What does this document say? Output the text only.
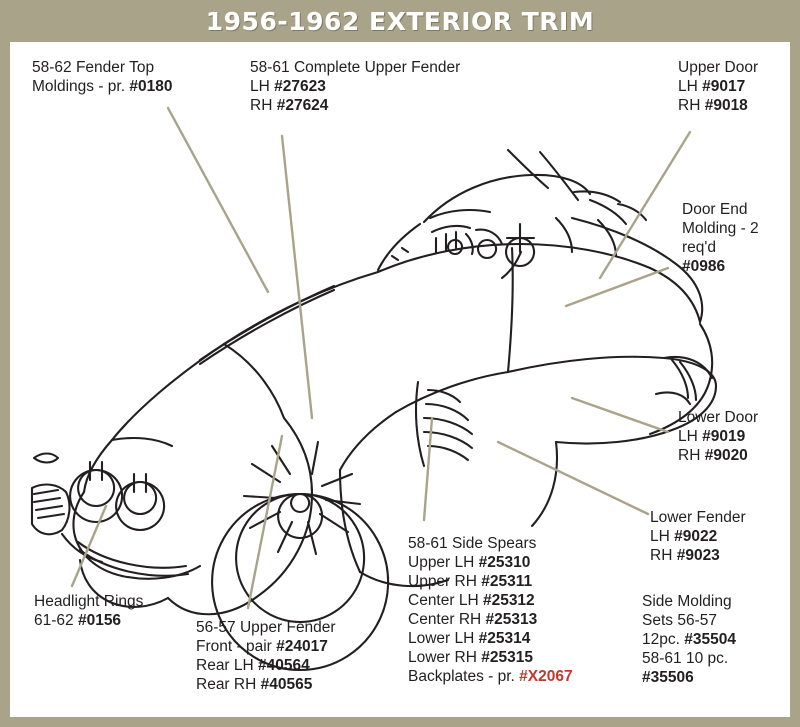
1956-1962 EXTERIOR TRIM
58-62 Fender Top
Moldings - pr. #0180
58-61 Complete Upper Fender
LH #27623
RH #27624
Upper Door
LH #9017
RH #9018
Door End
Molding - 2
req'd
#0986
Lower Door
LH #9019
RH #9020
Lower Fender
LH #9022
RH #9023
Headlight Rings
61-62 #0156	56-57 Upper Fender
Front - pair #24017
Rear LH #40564
Rear RH #40565
58-61 Side Spears
Upper LH #25310
Upper RH #25311
Center LH #25312
Center RH #25313
Lower LH #25314
Lower RH #25315
Backplates - pr. #X2067
Side Molding
Sets 56-57
12pc. #35504
58-61 10 pc.
#35506
